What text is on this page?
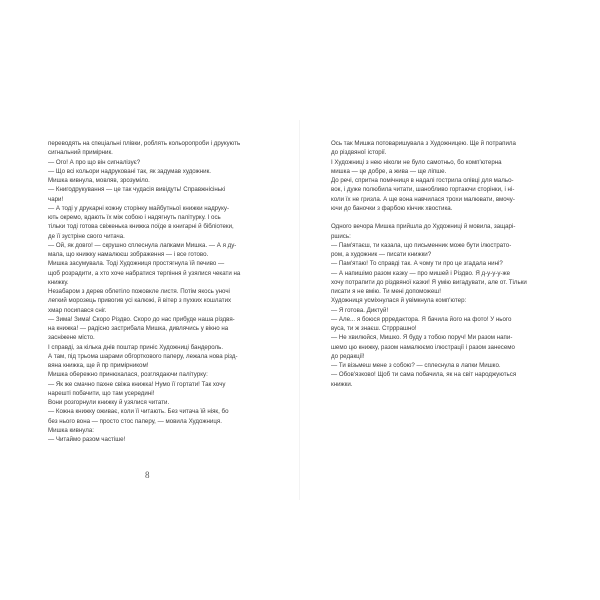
переводять на спеціальні плівки, роблять кольоропроби і друкують
сигнальний примірник.
— Ого! А про що він сигналізує?
— Що всі кольори надруковані так, як задумав художник.
Мишка кивнула, мовляв, зрозуміло.
— Книгодрукування — це так чудасія вивідуть! Справжнісінькі
чари!
— А тоді у друкарні кожну сторінку майбутньої книжки надруку-
ють окремо, вдають їх між собою і надягнуть палітурку. І ось
тільки тоді готова свіженька книжка поїде в книгарні й бібліотеки,
де її зустріне свого читача.
— Ой, як довго! — скрушно сплеснула лапками Мишка. — А я ду-
мала, що книжку намалюєш зображення — і все готово.
Мишка засумувала. Тоді Художниця простягнула їй печиво —
щоб розрадити, а хто хоче набратися терпіння й узялися чекати на
книжку.
Незабаром з дерев облетіло пожовкле листя. Потім якось уночі
легкий морозець привогив усі калюжі, й вітер з пухких кошлатих
хмар посипався сніг.
— Зима! Зима! Скоро Різдво. Скоро до нас прибуде наша різдвя-
на книжка! — радісно застрибала Мишка, дивлячись у вікно на
засніжене місто.
І справді, за кілька днів поштар приніс Художниці бандероль.
А там, під трьома шарами обгорткового паперу, лежала нова різд-
вяна книжка, ще й пр примірником!
Мишка обережно принюхалася, розглядаючи палітурку:
— Як же смачно пахне свіжа книжка! Нумо її гортати! Так хочу
нарешті побачити, що там усередині!
Вони розгорнули книжку й узялися читати.
— Кожна книжку оживає, коли її читають. Без читача їй ніяк, бо
без нього вона — просто стос паперу, — мовила Художниця.
Мишка кивнула:
— Читаймо разом частіше!
8
Ось так Мишка потоваришувала з Художницею. Ще й потрапила
до різдвяної історії.
І Художниці з нею ніколи не було самотньо, бо комп'ютерна
мишка — це добре, а жива — ще ліпше.
До речі, спритна помічниця в надалі гострила олівці для мальо-
вок, і дуже полюбила читати, шанобливо гортаючи сторінки, і ні-
коли їх не гризла. А ще вона навчилася трохи малювати, вмочу-
ючи до баночки з фарбою кінчик хвостика.
Одного вечора Мишка прийшла до Художниці й мовила, защарі-
ршись:
— Пам'ятаєш, ти казала, що письменник може бути ілюстрато-
ром, а художник — писати книжки?
— Пам'ятаю! То справді так. А чому ти про це згадала нині?
— А напишімо разом казку — про мишей і Різдво. Я д-у-у-у-же
хочу потрапити до різдвяної казки! Я умію вигадувати, але от. Тільки
писати я не вмію. Ти мені допоможеш!
Художниця усміхнулася й увімкнула комп'ютер:
— Я готова. Диктуй!
— Але... я боюся ррредактора. Я бачила його на фото! У нього
вуса, ти ж знаєш. Стрррашно!
— Не хвилюйся, Мишко. Я буду з тобою поруч! Ми разом напи-
шемо цю книжку, разом намалюємо ілюстрації і разом занесемо
до редакції!
— Ти візьмеш мене з собою? — сплеснула в лапки Мишко.
— Обов'язково! Щоб ти сама побачила, як на світ народжуються
книжки.
